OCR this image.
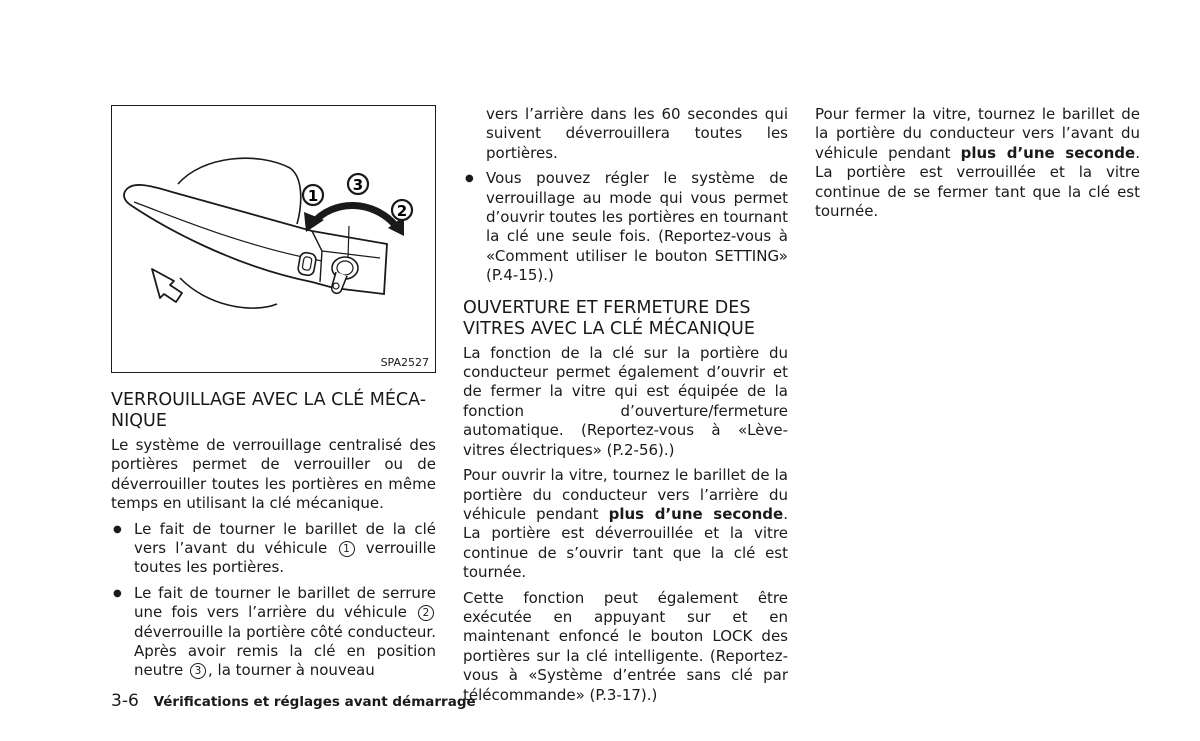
1
2
3
SPA2527
VERROUILLAGE AVEC LA CLÉ MÉCA-NIQUE

Le système de verrouillage centralisé des portières permet de verrouiller ou de déverrouiller toutes les portières en même temps en utilisant la clé mécanique.

● Le fait de tourner le barillet de la clé vers l’avant du véhicule 1 verrouille toutes les portières.
● Le fait de tourner le barillet de serrure une fois vers l’arrière du véhicule 2 déverrouille la portière côté conducteur. Après avoir remis la clé en position neutre 3 , la tourner à nouveau
vers l’arrière dans les 60 secondes qui suivent déverrouillera toutes les portières.
● Vous pouvez régler le système de verrouillage au mode qui vous permet d’ouvrir toutes les portières en tournant la clé une seule fois. (Reportez-vous à «Comment utiliser le bouton SETTING» (P.4-15).)
OUVERTURE ET FERMETURE DES VITRES AVEC LA CLÉ MÉCANIQUE

La fonction de la clé sur la portière du conducteur permet également d’ouvrir et de fermer la vitre qui est équipée de la fonction d’ouverture/fermeture automatique. (Reportez-vous à «Lève-vitres électriques» (P.2-56).)

Pour ouvrir la vitre, tournez le barillet de la portière du conducteur vers l’arrière du véhicule pendant plus d’une seconde. La portière est déverrouillée et la vitre continue de s’ouvrir tant que la clé est tournée.

Cette fonction peut également être exécutée en appuyant sur et en maintenant enfoncé le bouton LOCK des portières sur la clé intelligente. (Reportez-vous à «Système d’entrée sans clé par télécommande» (P.3-17).)

Pour fermer la vitre, tournez le barillet de la portière du conducteur vers l’avant du véhicule pendant plus d’une seconde. La portière est verrouillée et la vitre continue de se fermer tant que la clé est tournée.

3-6 Vérifications et réglages avant démarrage
